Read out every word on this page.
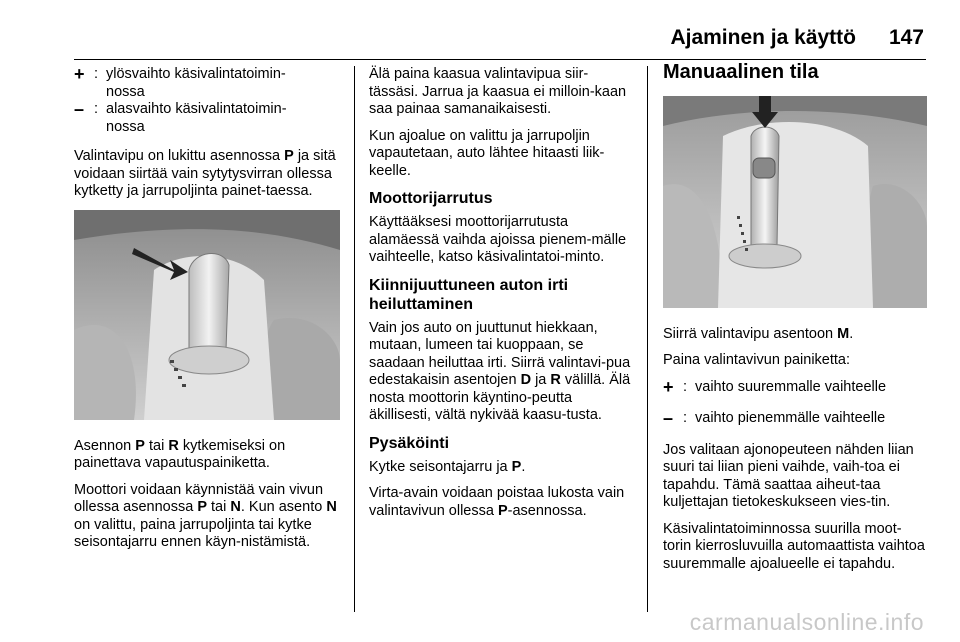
Ajaminen ja käyttö 147
+ : ylösvaihto käsivalintatoimin-
nossa
– : alasvaihto käsivalintatoimin-
nossa

Valintavipu on lukittu asennossa P ja sitä voidaan siirtää vain sytytysvirran ollessa kytketty ja jarrupoljinta painet-taessa.

Asennon P tai R kytkemiseksi on painettava vapautuspainiketta.

Moottori voidaan käynnistää vain vivun ollessa asennossa P tai N. Kun asento N on valittu, paina jarrupoljinta tai kytke seisontajarru ennen käyn-nistämistä.

Älä paina kaasua valintavipua siir-tässäsi. Jarrua ja kaasua ei milloin-kaan saa painaa samanaikaisesti.

Kun ajoalue on valittu ja jarrupoljin vapautetaan, auto lähtee hitaasti liik-keelle.

Moottorijarrutus

Käyttääksesi moottorijarrutusta alamäessä vaihda ajoissa pienem-mälle vaihteelle, katso käsivalintatoi-minto.

Kiinnijuuttuneen auton irti heiluttaminen

Vain jos auto on juuttunut hiekkaan, mutaan, lumeen tai kuoppaan, se saadaan heiluttaa irti. Siirrä valintavi-pua edestakaisin asentojen D ja R välillä. Älä nosta moottorin käyntino-peutta äkillisesti, vältä nykivää kaasu-tusta.

Pysäköinti

Kytke seisontajarru ja P.

Virta-avain voidaan poistaa lukosta vain valintavivun ollessa P-asennossa.

Manuaalinen tila

Siirrä valintavipu asentoon M.

Paina valintavivun painiketta:

+ : vaihto suuremmalle vaihteelle
– : vaihto pienemmälle vaihteelle

Jos valitaan ajonopeuteen nähden liian suuri tai liian pieni vaihde, vaih-toa ei tapahdu. Tämä saattaa aiheut-taa kuljettajan tietokeskukseen vies-tin.

Käsivalintatoiminnossa suurilla moot-torin kierrosluvuilla automaattista vaihtoa suuremmalle ajoalueelle ei tapahdu.

carmanualsonline.info
